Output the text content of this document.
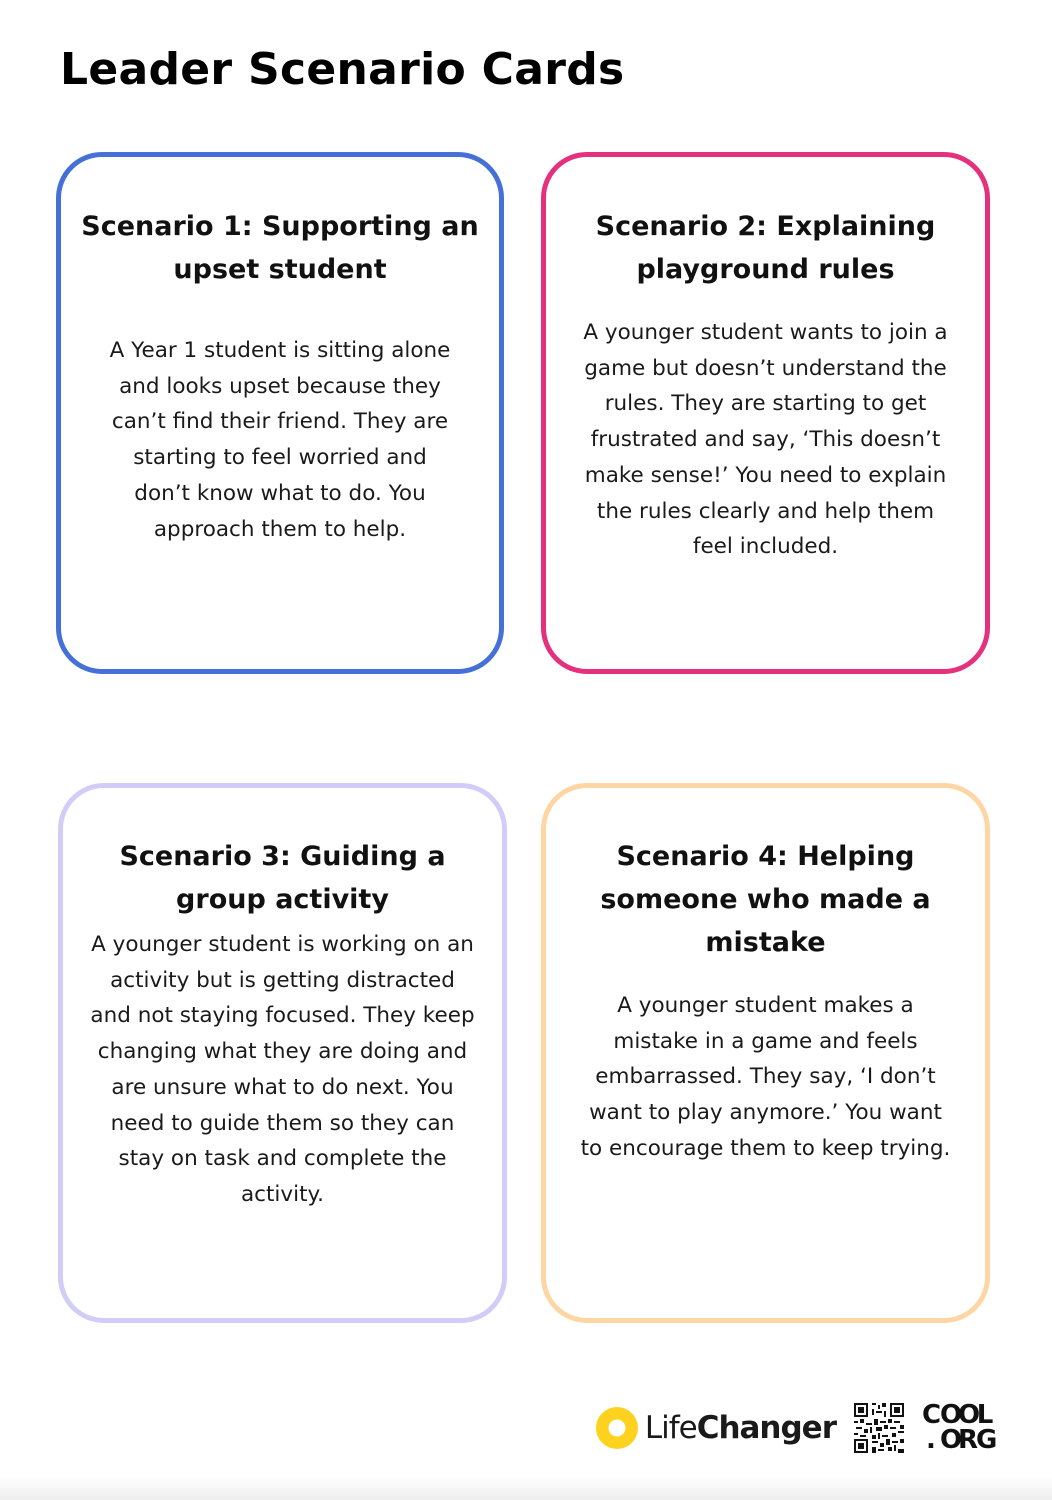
Leader Scenario Cards
Scenario 1: Supporting an upset student

A Year 1 student is sitting alone and looks upset because they can’t find their friend. They are starting to feel worried and don’t know what to do. You approach them to help.

Scenario 2: Explaining playground rules

A younger student wants to join a game but doesn’t understand the rules. They are starting to get frustrated and say, ‘This doesn’t make sense!’ You need to explain the rules clearly and help them feel included.

Scenario 3: Guiding a group activity

A younger student is working on an activity but is getting distracted and not staying focused. They keep changing what they are doing and are unsure what to do next. You need to guide them so they can stay on task and complete the activity.

Scenario 4: Helping someone who made a mistake

A younger student makes a mistake in a game and feels embarrassed. They say, ‘I don’t want to play anymore.’ You want to encourage them to keep trying.

LifeChanger	C
O
O
L
. O
R
G
